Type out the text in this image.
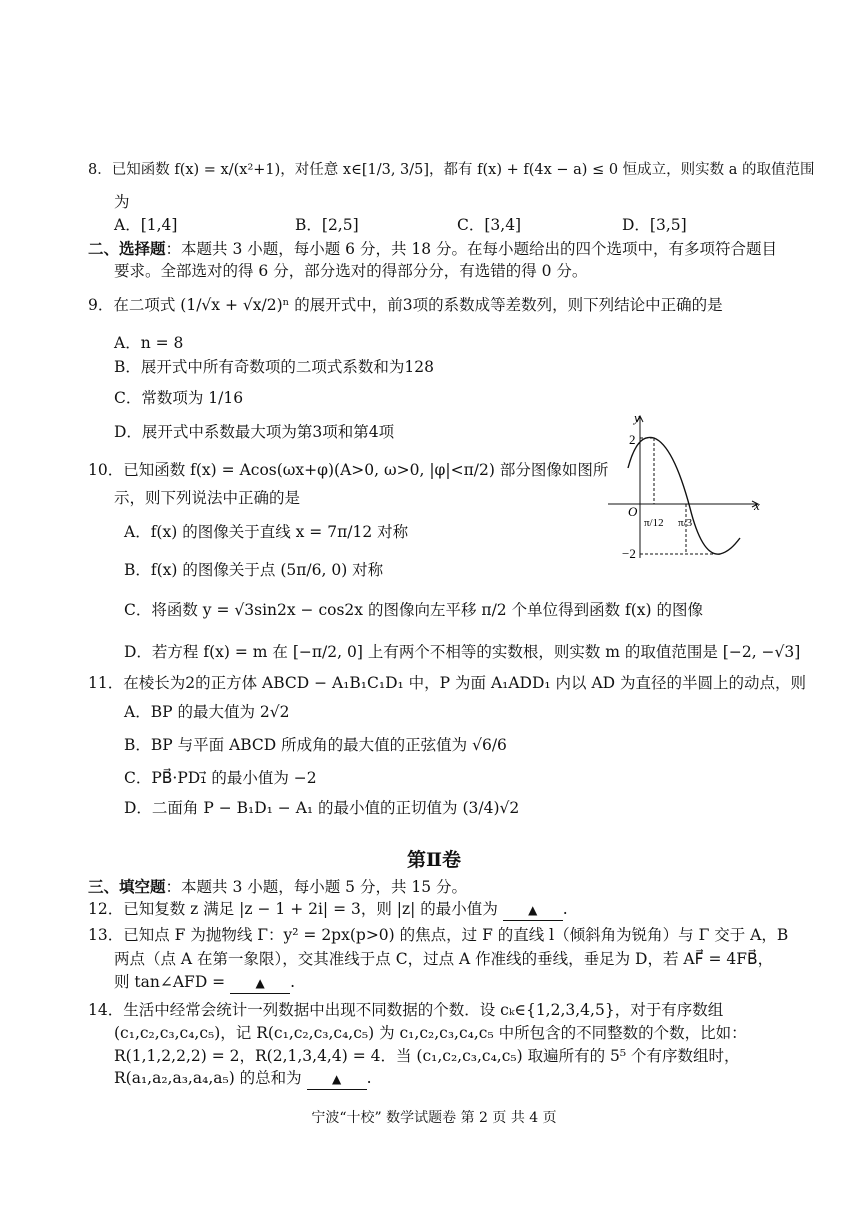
8．已知函数 f(x) = x/(x²+1)，对任意 x∈[1/3, 3/5]，都有 f(x) + f(4x − a) ≤ 0 恒成立，则实数 a 的取值范围
为
A．[1,4]	B．[2,5]	C．[3,4]	D．[3,5]
二、选择题：本题共 3 小题，每小题 6 分，共 18 分。在每小题给出的四个选项中，有多项符合题目
要求。全部选对的得 6 分，部分选对的得部分分，有选错的得 0 分。
9．在二项式 (1/√x + √x/2)ⁿ 的展开式中，前3项的系数成等差数列，则下列结论中正确的是
A．n = 8
B．展开式中所有奇数项的二项式系数和为128
C．常数项为 1/16
D．展开式中系数最大项为第3项和第4项
10．已知函数 f(x) = Acos(ωx+φ)(A>0, ω>0, |φ|<π/2) 部分图像如图所
示，则下列说法中正确的是
A．f(x) 的图像关于直线 x = 7π/12 对称
B．f(x) 的图像关于点 (5π/6, 0) 对称
C．将函数 y = √3sin2x − cos2x 的图像向左平移 π/2 个单位得到函数 f(x) 的图像
D．若方程 f(x) = m 在 [−π/2, 0] 上有两个不相等的实数根，则实数 m 的取值范围是 [−2, −√3]
y
x
O
2
−2
π/12 π/3
11．在棱长为2的正方体 ABCD − A₁B₁C₁D₁ 中，P 为面 A₁ADD₁ 内以 AD 为直径的半圆上的动点，则
A．BP 的最大值为 2√2
B．BP 与平面 ABCD 所成角的最大值的正弦值为 √6/6
C．PB⃗·PD₁⃗ 的最小值为 −2
D．二面角 P − B₁D₁ − A₁ 的最小值的正切值为 (3/4)√2
第Ⅱ卷
三、填空题：本题共 3 小题，每小题 5 分，共 15 分。
12．已知复数 z 满足 |z − 1 + 2i| = 3，则 |z| 的最小值为	▲ .
13．已知点 F 为抛物线 Γ：y² = 2px(p>0) 的焦点，过 F 的直线 l（倾斜角为锐角）与 Γ 交于 A，B
两点（点 A 在第一象限），交其准线于点 C，过点 A 作准线的垂线，垂足为 D，若 AF⃗ = 4FB⃗，
则 tan∠AFD =	▲ .
14．生活中经常会统计一列数据中出现不同数据的个数．设 cₖ∈{1,2,3,4,5}，对于有序数组
(c₁,c₂,c₃,c₄,c₅)，记 R(c₁,c₂,c₃,c₄,c₅) 为 c₁,c₂,c₃,c₄,c₅ 中所包含的不同整数的个数，比如：
R(1,1,2,2,2) = 2，R(2,1,3,4,4) = 4．当 (c₁,c₂,c₃,c₄,c₅) 取遍所有的 5⁵ 个有序数组时，
R(a₁,a₂,a₃,a₄,a₅) 的总和为	▲ .
宁波“十校” 数学试题卷 第 2 页 共 4 页
